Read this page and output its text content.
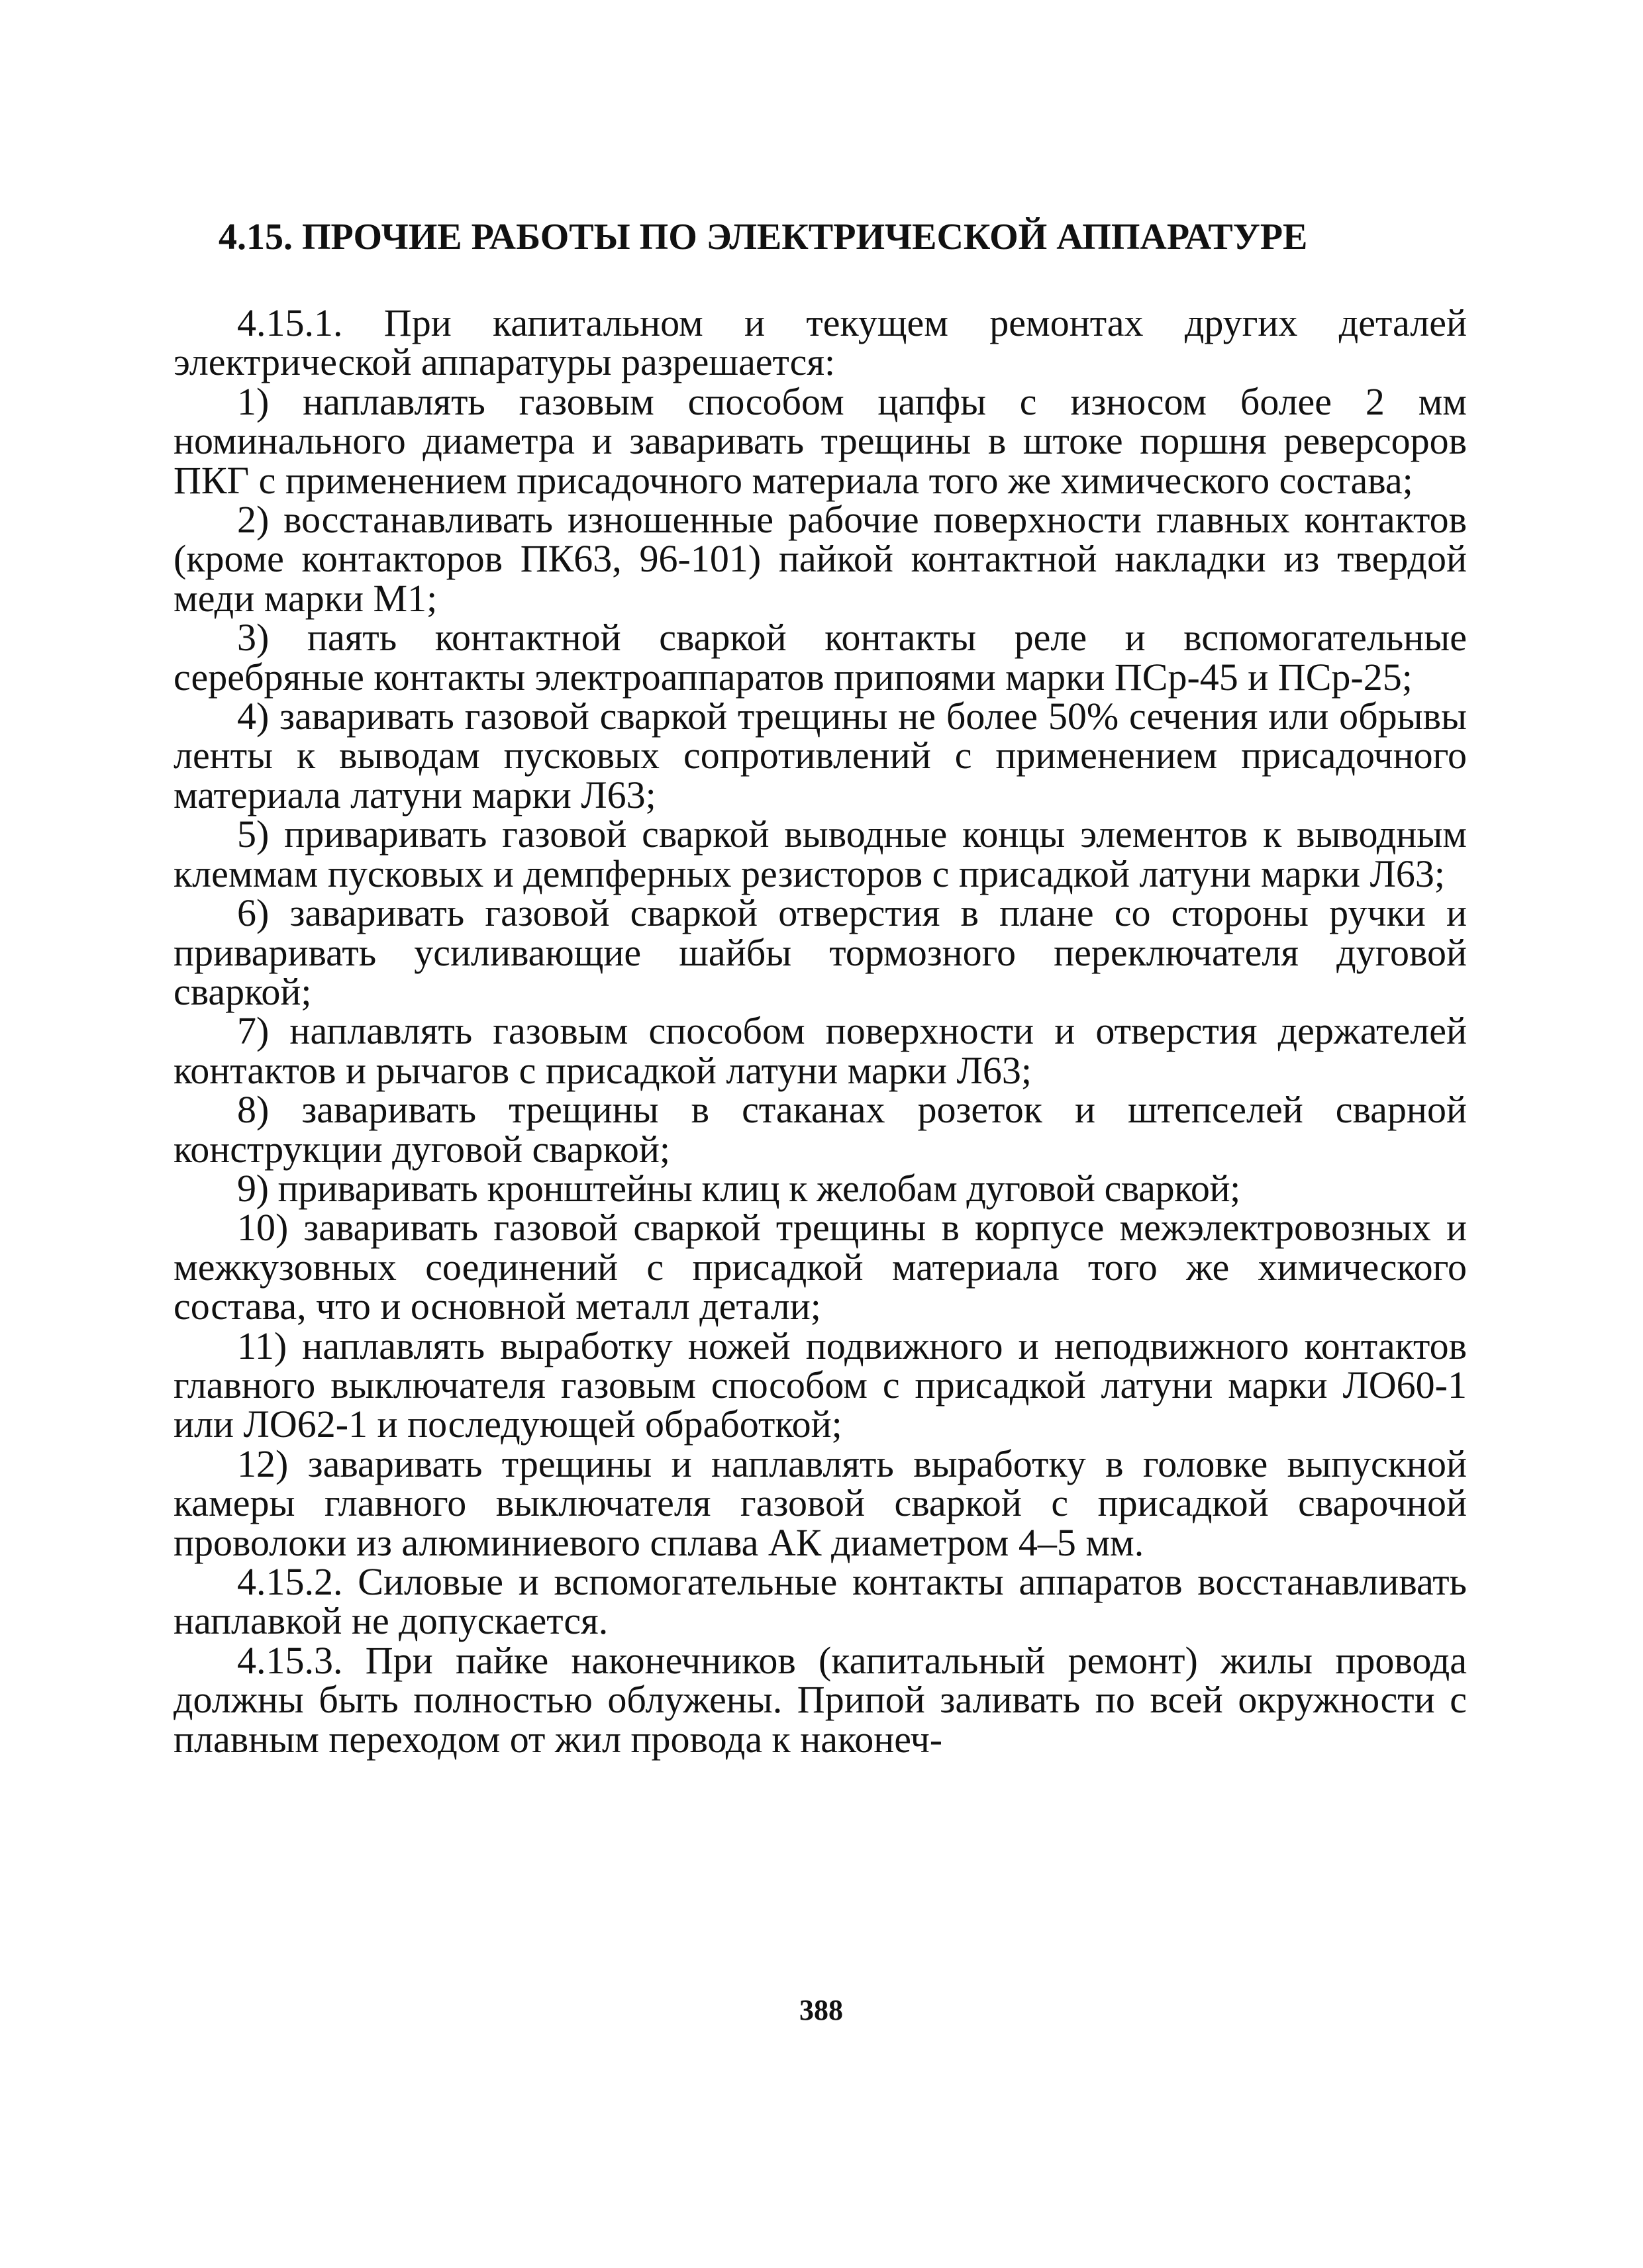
4.15. ПРОЧИЕ РАБОТЫ ПО ЭЛЕКТРИЧЕСКОЙ АППАРАТУРЕ

4.15.1. При капитальном и текущем ремонтах других деталей электрической аппаратуры разрешается:

1) наплавлять газовым способом цапфы с износом более 2 мм номинального диаметра и заваривать трещины в штоке поршня реверсоров ПКГ с применением присадочного материала того же химического состава;

2) восстанавливать изношенные рабочие поверхности главных контактов (кроме контакторов ПК63, 96-101) пайкой контактной накладки из твердой меди марки М1;

3) паять контактной сваркой контакты реле и вспомогательные серебряные контакты электроаппаратов припоями марки ПСр-45 и ПСр-25;

4) заваривать газовой сваркой трещины не более 50% сечения или обрывы ленты к выводам пусковых сопротивлений с применением присадочного материала латуни марки Л63;

5) приваривать газовой сваркой выводные концы элементов к выводным клеммам пусковых и демпферных резисторов с присадкой латуни марки Л63;

6) заваривать газовой сваркой отверстия в плане со стороны ручки и приваривать усиливающие шайбы тормозного переключателя дуговой сваркой;

7) наплавлять газовым способом поверхности и отверстия держателей контактов и рычагов с присадкой латуни марки Л63;

8) заваривать трещины в стаканах розеток и штепселей сварной конструкции дуговой сваркой;

9) приваривать кронштейны клиц к желобам дуговой сваркой;

10) заваривать газовой сваркой трещины в корпусе межэлектровозных и межкузовных соединений с присадкой материала того же химического состава, что и основной металл детали;

11) наплавлять выработку ножей подвижного и неподвижного контактов главного выключателя газовым способом с присадкой латуни марки ЛО60-1 или ЛО62-1 и последующей обработкой;

12) заваривать трещины и наплавлять выработку в головке выпускной камеры главного выключателя газовой сваркой с присадкой сварочной проволоки из алюминиевого сплава АК диаметром 4–5 мм.

4.15.2. Силовые и вспомогательные контакты аппаратов восстанавливать наплавкой не допускается.

4.15.3. При пайке наконечников (капитальный ремонт) жилы провода должны быть полностью облужены. Припой заливать по всей окружности с плавным переходом от жил провода к наконеч-

388
